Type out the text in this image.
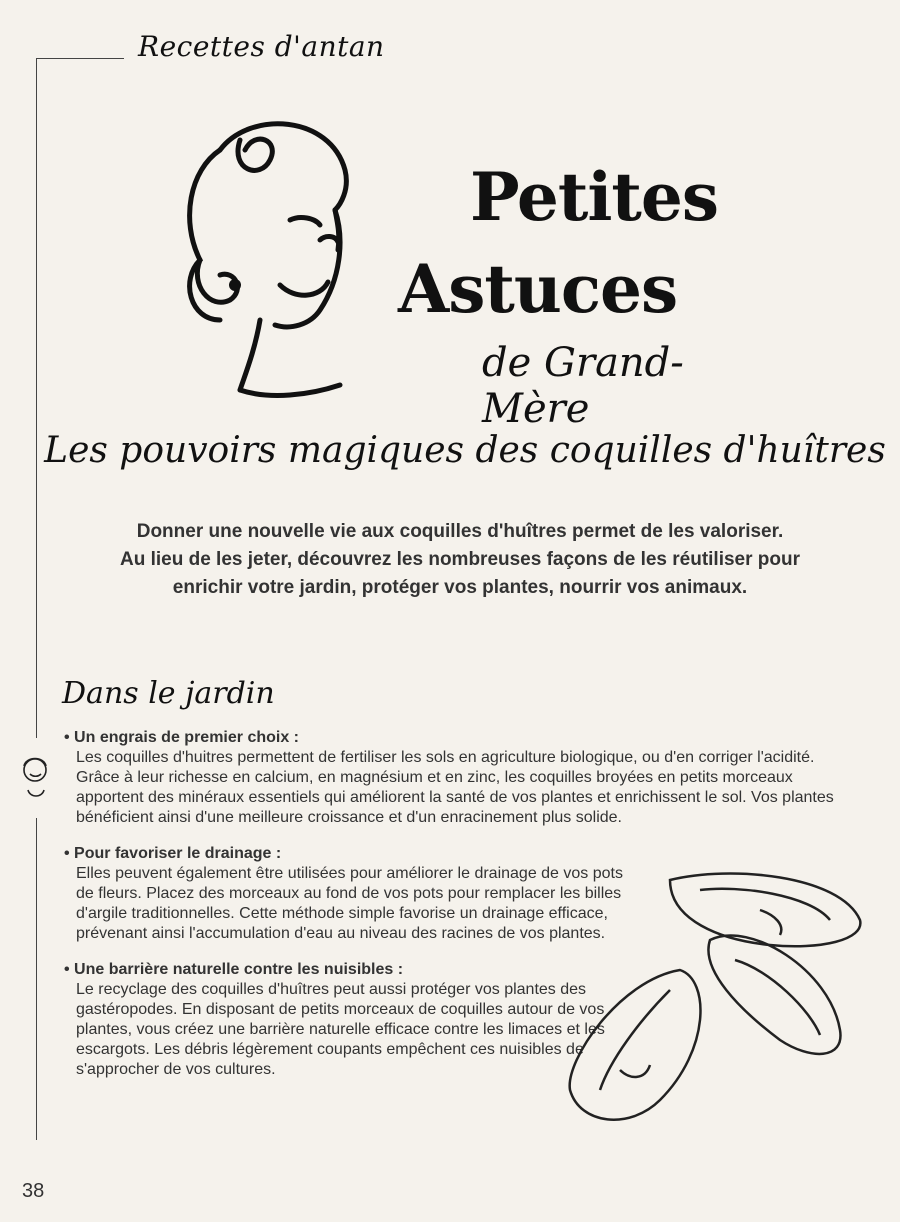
Recettes d'antan
Petites
Astuces
de Grand-Mère
Les pouvoirs magiques des coquilles d'huîtres

Donner une nouvelle vie aux coquilles d'huîtres permet de les valoriser.

Au lieu de les jeter, découvrez les nombreuses façons de les réutiliser pour

enrichir votre jardin, protéger vos plantes, nourrir vos animaux.

Dans le jardin

• Un engrais de premier choix :

Les coquilles d'huitres permettent de fertiliser les sols en agriculture biologique, ou d'en corriger l'acidité. Grâce à leur richesse en calcium, en magnésium et en zinc, les coquilles broyées en petits morceaux apportent des minéraux essentiels qui améliorent la santé de vos plantes et enrichissent le sol. Vos plantes bénéficient ainsi d'une meilleure croissance et d'un enracinement plus solide.

• Pour favoriser le drainage :

Elles peuvent également être utilisées pour améliorer le drainage de vos pots de fleurs. Placez des morceaux au fond de vos pots pour remplacer les billes d'argile traditionnelles. Cette méthode simple favorise un drainage efficace, prévenant ainsi l'accumulation d'eau au niveau des racines de vos plantes.

• Une barrière naturelle contre les nuisibles :

Le recyclage des coquilles d'huîtres peut aussi protéger vos plantes des gastéropodes. En disposant de petits morceaux de coquilles autour de vos plantes, vous créez une barrière naturelle efficace contre les limaces et les escargots. Les débris légèrement coupants empêchent ces nuisibles de s'approcher de vos cultures.

38
